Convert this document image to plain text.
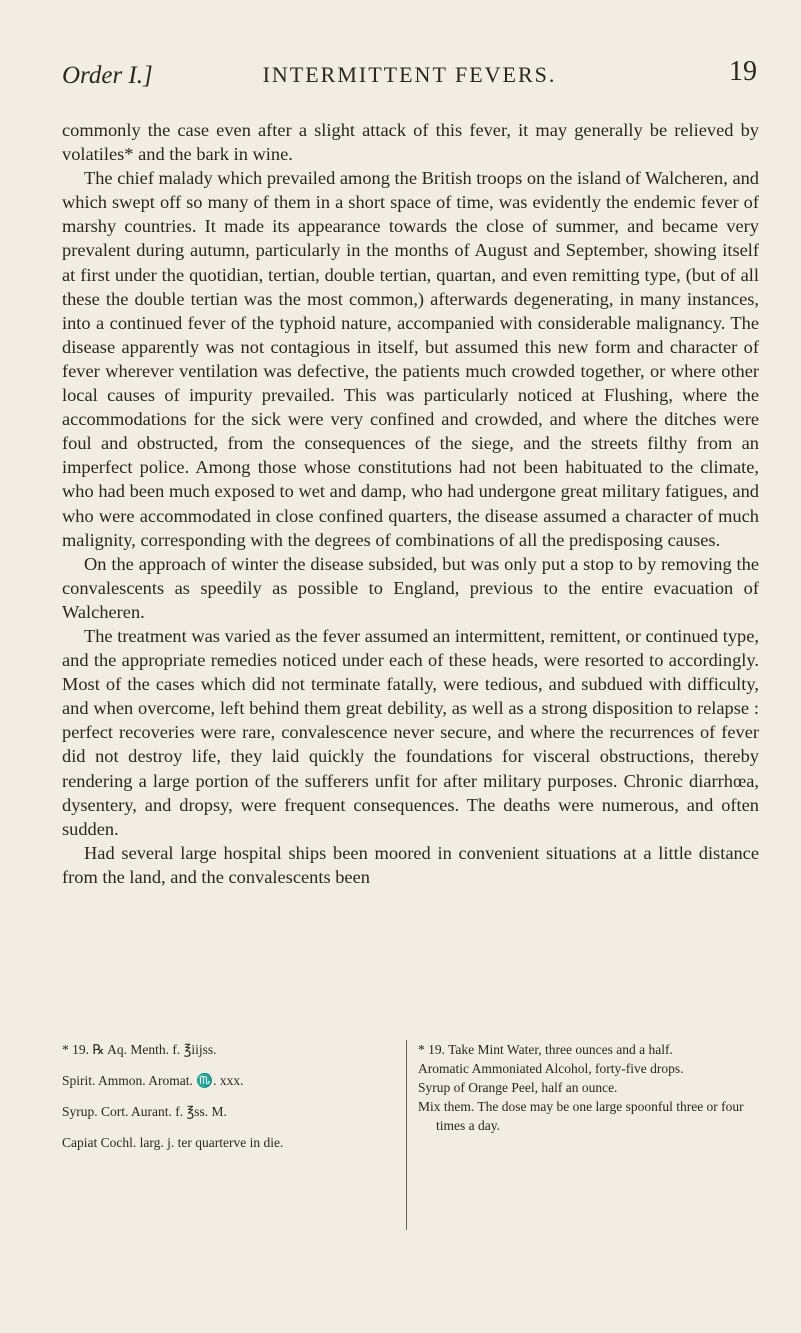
Order I.]	INTERMITTENT FEVERS.	19

commonly the case even after a slight attack of this fever, it may generally be relieved by volatiles* and the bark in wine.

The chief malady which prevailed among the British troops on the island of Walcheren, and which swept off so many of them in a short space of time, was evidently the endemic fever of marshy countries. It made its appearance towards the close of summer, and became very prevalent during autumn, particularly in the months of August and September, showing itself at first under the quotidian, tertian, double tertian, quartan, and even remitting type, (but of all these the double tertian was the most common,) afterwards degenerating, in many instances, into a continued fever of the typhoid nature, accompanied with considerable malignancy. The disease apparently was not contagious in itself, but assumed this new form and character of fever wherever ventilation was defective, the patients much crowded together, or where other local causes of impurity prevailed. This was particularly noticed at Flushing, where the accommodations for the sick were very confined and crowded, and where the ditches were foul and obstructed, from the consequences of the siege, and the streets filthy from an imperfect police. Among those whose constitutions had not been habituated to the climate, who had been much exposed to wet and damp, who had undergone great military fatigues, and who were accommodated in close confined quarters, the disease assumed a character of much malignity, corresponding with the degrees of combinations of all the predisposing causes.

On the approach of winter the disease subsided, but was only put a stop to by removing the convalescents as speedily as possible to England, previous to the entire evacuation of Walcheren.

The treatment was varied as the fever assumed an intermittent, remittent, or continued type, and the appropriate remedies noticed under each of these heads, were resorted to accordingly. Most of the cases which did not terminate fatally, were tedious, and subdued with difficulty, and when overcome, left behind them great debility, as well as a strong disposition to relapse : perfect recoveries were rare, convalescence never secure, and where the recurrences of fever did not destroy life, they laid quickly the foundations for visceral obstructions, thereby rendering a large portion of the sufferers unfit for after military purposes. Chronic diarrhœa, dysentery, and dropsy, were frequent consequences. The deaths were numerous, and often sudden.

Had several large hospital ships been moored in convenient situations at a little distance from the land, and the convalescents been

* 19. ℞ Aq. Menth. f. ℥iijss.
Spirit. Ammon. Aromat. ♏. xxx.
Syrup. Cort. Aurant. f. ℥ss. M.
Capiat Cochl. larg. j. ter quarterve in die.
* 19. Take Mint Water, three ounces and a half.
Aromatic Ammoniated Alcohol, forty-five drops.
Syrup of Orange Peel, half an ounce.
Mix them. The dose may be one large spoonful three or four times a day.
